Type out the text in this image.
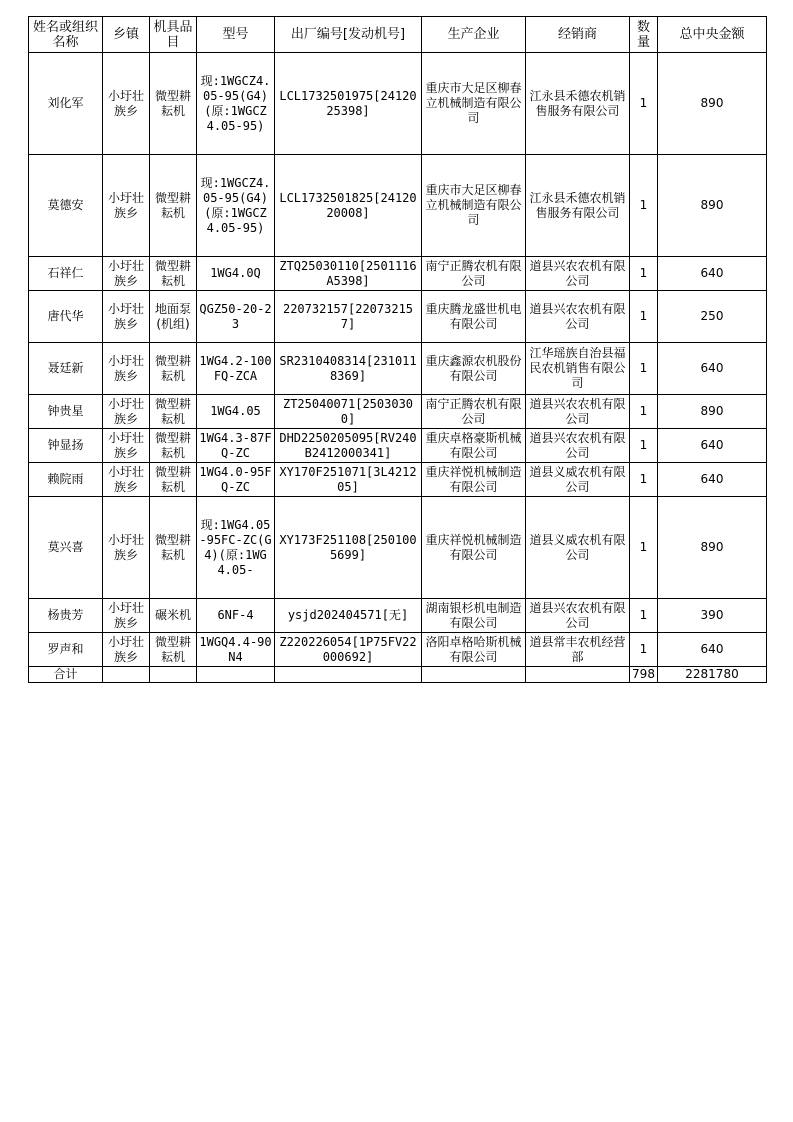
姓名或组织名称	乡镇	机具品目	型号	出厂编号[发动机号]	生产企业	经销商	数量	总中央金额
刘化军	小圩壮族乡	微型耕耘机	现:1WGCZ4.05-95(G4)(原:1WGCZ4.05-95)	LCL1732501975[2412025398]	重庆市大足区柳春立机械制造有限公司	江永县禾德农机销售服务有限公司	1	890
莫德安	小圩壮族乡	微型耕耘机	现:1WGCZ4.05-95(G4)(原:1WGCZ4.05-95)	LCL1732501825[2412020008]	重庆市大足区柳春立机械制造有限公司	江永县禾德农机销售服务有限公司	1	890
石祥仁	小圩壮族乡	微型耕耘机	1WG4.0Q	ZTQ25030110[2501116A5398]	南宁正腾农机有限公司	道县兴农农机有限公司	1	640
唐代华	小圩壮族乡	地面泵(机组)	QGZ50-20-23	220732157[220732157]	重庆腾龙盛世机电有限公司	道县兴农农机有限公司	1	250
聂廷新	小圩壮族乡	微型耕耘机	1WG4.2-100FQ-ZCA	SR2310408314[2310118369]	重庆鑫源农机股份有限公司	江华瑶族自治县福民农机销售有限公司	1	640
钟贵星	小圩壮族乡	微型耕耘机	1WG4.05	ZT25040071[25030300]	南宁正腾农机有限公司	道县兴农农机有限公司	1	890
钟显扬	小圩壮族乡	微型耕耘机	1WG4.3-87FQ-ZC	DHD2250205095[RV240B2412000341]	重庆卓格豪斯机械有限公司	道县兴农农机有限公司	1	640
赖院雨	小圩壮族乡	微型耕耘机	1WG4.0-95FQ-ZC	XY170F251071[3L421205]	重庆祥悦机械制造有限公司	道县义威农机有限公司	1	640
莫兴喜	小圩壮族乡	微型耕耘机	现:1WG4.05-95FC-ZC(G4)(原:1WG4.05-	XY173F251108[2501005699]	重庆祥悦机械制造有限公司	道县义威农机有限公司	1	890
杨贵芳	小圩壮族乡	碾米机	6NF-4	ysjd202404571[无]	湖南银杉机电制造有限公司	道县兴农农机有限公司	1	390
罗声和	小圩壮族乡	微型耕耘机	1WGQ4.4-90N4	Z220226054[1P75FV22000692]	洛阳卓格哈斯机械有限公司	道县常丰农机经营部	1	640
合计							798	2281780
